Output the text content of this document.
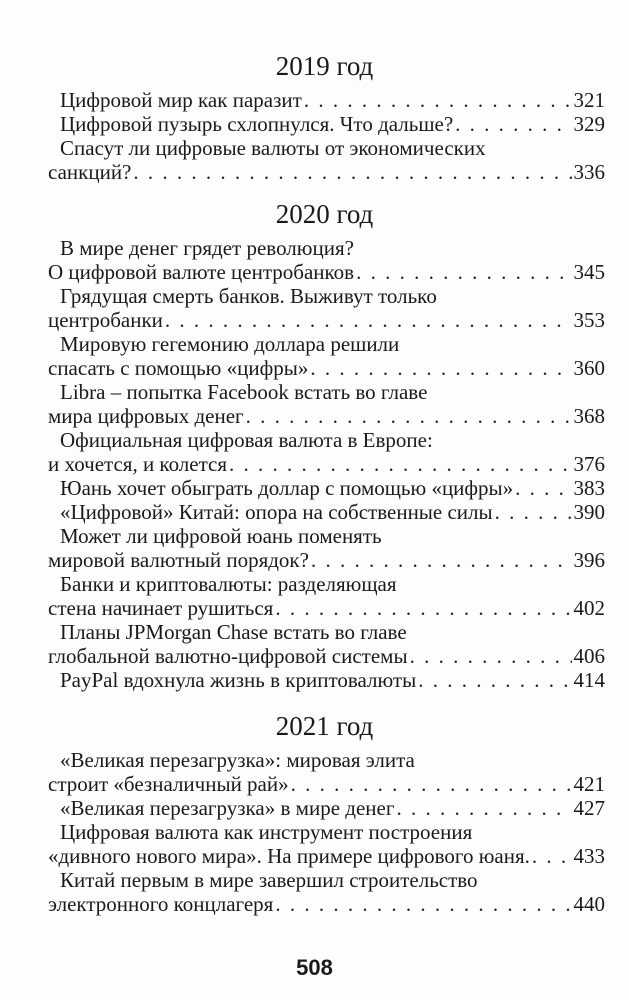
2019 год
Цифровой мир как паразит . . .	321
Цифровой пузырь схлопнулся. Что дальше? . . .	329
Спасут ли цифровые валюты от экономических
санкций? . . .	336
2020 год
В мире денег грядет революция?
О цифровой валюте центробанков . . .	345
Грядущая смерть банков. Выживут только
центробанки . . .	353
Мировую гегемонию доллара решили
спасать с помощью «цифры» . . .	360
Libra – попытка Facebook встать во главе
мира цифровых денег . . .	368
Официальная цифровая валюта в Европе:
и хочется, и колется . . .	376
Юань хочет обыграть доллар с помощью «цифры» . . .	383
«Цифровой» Китай: опора на собственные силы . . .	390
Может ли цифровой юань поменять
мировой валютный порядок? . . .	396
Банки и криптовалюты: разделяющая
стена начинает рушиться . . .	402
Планы JPMorgan Chase встать во главе
глобальной валютно-цифровой системы . . .	406
PayPal вдохнула жизнь в криптовалюты . . .	414
2021 год
«Великая перезагрузка»: мировая элита
строит «безналичный рай» . . .	421
«Великая перезагрузка» в мире денег . . .	427
Цифровая валюта как инструмент построения
«дивного нового мира». На примере цифрового юаня. . . . 433
Китай первым в мире завершил строительство
электронного концлагеря . . .	440
508
